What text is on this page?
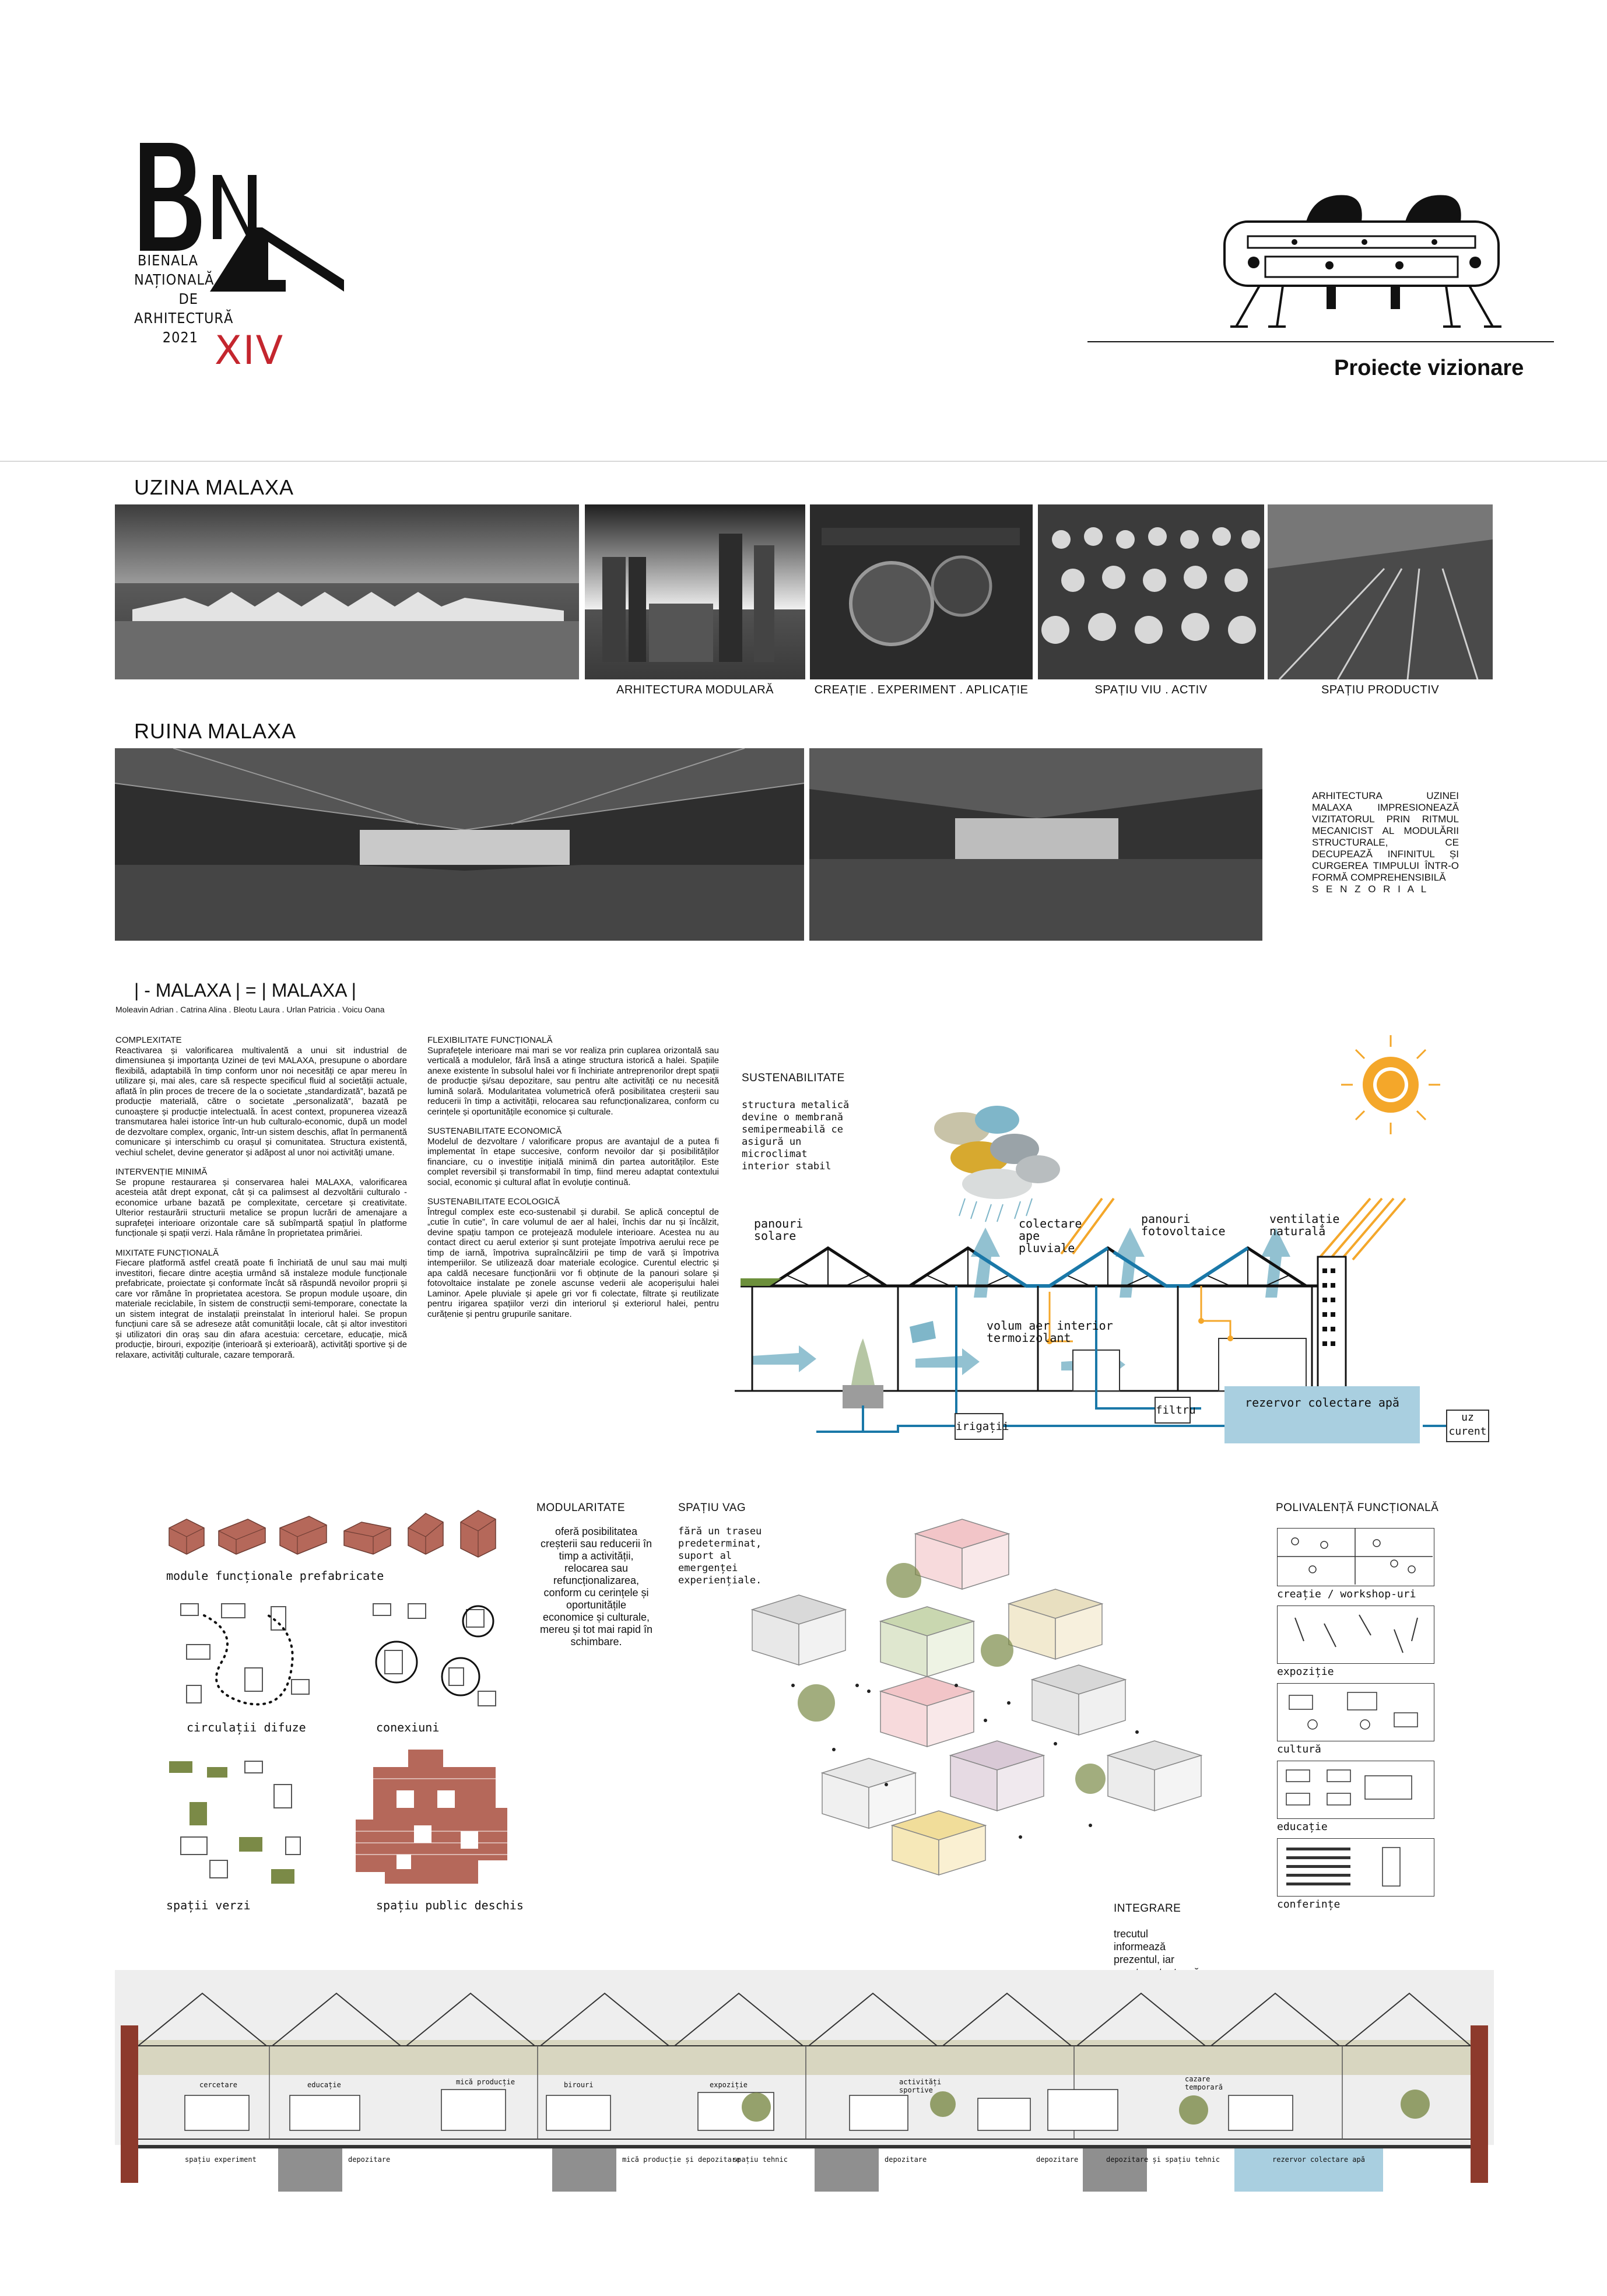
BIENALA
NAȚIONALĂ
DE
ARHITECTURĂ
2021 XIV	Proiecte vizionare
UZINA MALAXA
ARHITECTURA MODULARĂ	CREAȚIE . EXPERIMENT . APLICAȚIE	SPAȚIU VIU . ACTIV	SPAȚIU PRODUCTIV
RUINA MALAXA
ARHITECTURA UZINEI MALAXA IMPRESIONEAZĂ VIZITATORUL PRIN RITMUL MECANICIST AL MODULĂRII STRUCTURALE, CE DECUPEAZĂ INFINITUL ȘI CURGEREA TIMPULUI ÎNTR-O FORMĂ COMPREHENSIBILĂ
S E N Z O R I A L
| - MALAXA | = | MALAXA |
Moleavin Adrian . Catrina Alina . Bleotu Laura . Urlan Patricia . Voicu Oana

COMPLEXITATE
Reactivarea și valorificarea multivalentă a unui sit industrial de dimensiunea și importanța Uzinei de țevi MALAXA, presupune o abordare flexibilă, adaptabilă în timp conform unor noi necesități ce apar mereu în utilizare și, mai ales, care să respecte specificul fluid al societății actuale, aflată în plin proces de trecere de la o societate „standardizată”, bazată pe producție materială, către o societate „personalizată”, bazată pe cunoaștere și producție intelectuală. În acest context, propunerea vizează transmutarea halei istorice într-un hub culturalo-economic, după un model de dezvoltare complex, organic, într-un sistem deschis, aflat în permanentă comunicare și interschimb cu orașul și comunitatea. Structura existentă, vechiul schelet, devine generator și adăpost al unor noi activități umane.

INTERVENȚIE MINIMĂ
Se propune restaurarea și conservarea halei MALAXA, valorificarea acesteia atât drept exponat, cât și ca palimsest al dezvoltării culturalo - economice urbane bazată pe complexitate, cercetare și creativitate. Ulterior restaurării structurii metalice se propun lucrări de amenajare a suprafeței interioare orizontale care să subîmpartă spațiul în platforme funcționale și spații verzi. Hala rămâne în proprietatea primăriei.

MIXITATE FUNCȚIONALĂ
Fiecare platformă astfel creată poate fi închiriată de unul sau mai mulți investitori, fiecare dintre aceștia urmând să instaleze module funcționale prefabricate, proiectate și conformate încât să răspundă nevoilor proprii și care vor rămâne în proprietatea acestora. Se propun module ușoare, din materiale reciclabile, în sistem de construcții semi-temporare, conectate la un sistem integrat de instalații preinstalat în interiorul halei. Se propun funcțiuni care să se adreseze atât comunității locale, cât și altor investitori și utilizatori din oraș sau din afara acestuia: cercetare, educație, mică producție, birouri, expoziție (interioară și exterioară), activități sportive și de relaxare, activități culturale, cazare temporară.

FLEXIBILITATE FUNCȚIONALĂ
Suprafețele interioare mai mari se vor realiza prin cuplarea orizontală sau verticală a modulelor, fără însă a atinge structura istorică a halei. Spațiile anexe existente în subsolul halei vor fi închiriate antreprenorilor drept spații de producție și/sau depozitare, sau pentru alte activități ce nu necesită lumină solară. Modularitatea volumetrică oferă posibilitatea creșterii sau reducerii în timp a activității, relocarea sau refuncționalizarea, conform cu cerințele și oportunitățile economice și culturale.

SUSTENABILITATE ECONOMICĂ
Modelul de dezvoltare / valorificare propus are avantajul de a putea fi implementat în etape succesive, conform nevoilor dar și posibilităților financiare, cu o investiție inițială minimă din partea autorităților. Este complet reversibil și transformabil în timp, fiind mereu adaptat contextului social, economic și cultural aflat în evoluție continuă.

SUSTENABILITATE ECOLOGICĂ
Întregul complex este eco-sustenabil și durabil. Se aplică conceptul de „cutie în cutie”, în care volumul de aer al halei, închis dar nu și încălzit, devine spațiu tampon ce protejează modulele interioare. Acestea nu au contact direct cu aerul exterior și sunt protejate împotriva aerului rece pe timp de iarnă, împotriva supraîncălzirii pe timp de vară și împotriva intemperiilor. Se utilizează doar materiale ecologice. Curentul electric și apa caldă necesare funcționării vor fi obținute de la panouri solare și fotovoltaice instalate pe zonele ascunse vederii ale acoperișului halei Laminor. Apele pluviale și apele gri vor fi colectate, filtrate și reutilizate pentru irigarea spațiilor verzi din interiorul și exteriorul halei, pentru curățenie și pentru grupurile sanitare.

SUSTENABILITATE
structura metalică devine o membrană semipermeabilă ce asigură un microclimat interior stabil
panouri solare
colectare ape pluviale
panouri fotovoltaice
ventilație naturală
volum aer interior termoizolant
filtru
rezervor colectare apă
irigații
uz curent
module funcționale prefabricate
circulații difuze	conexiuni
spații verzi	spațiu public deschis
MODULARITATE
oferă posibilitatea creșterii sau reducerii în timp a activității, relocarea sau refuncționalizarea, conform cu cerințele și oportunitățile economice și culturale, mereu și tot mai rapid în schimbare.
SPAȚIU VAG
fără un traseu predeterminat, suport al emergenței experiențiale.
POLIVALENȚĂ FUNCȚIONALĂ
creație / workshop-uri
expoziție
cultură
educație
conferințe
INTEGRARE
trecutul informează prezentul, iar
cercetare	educație	mică producție	birouri	expoziție	activități sportive
cazare temporară
spațiu experiment	depozitare	mică producție și depozitare
spațiu tehnic	depozitare	depozitare	depozitare și spațiu tehnic	rezervor colectare apă
